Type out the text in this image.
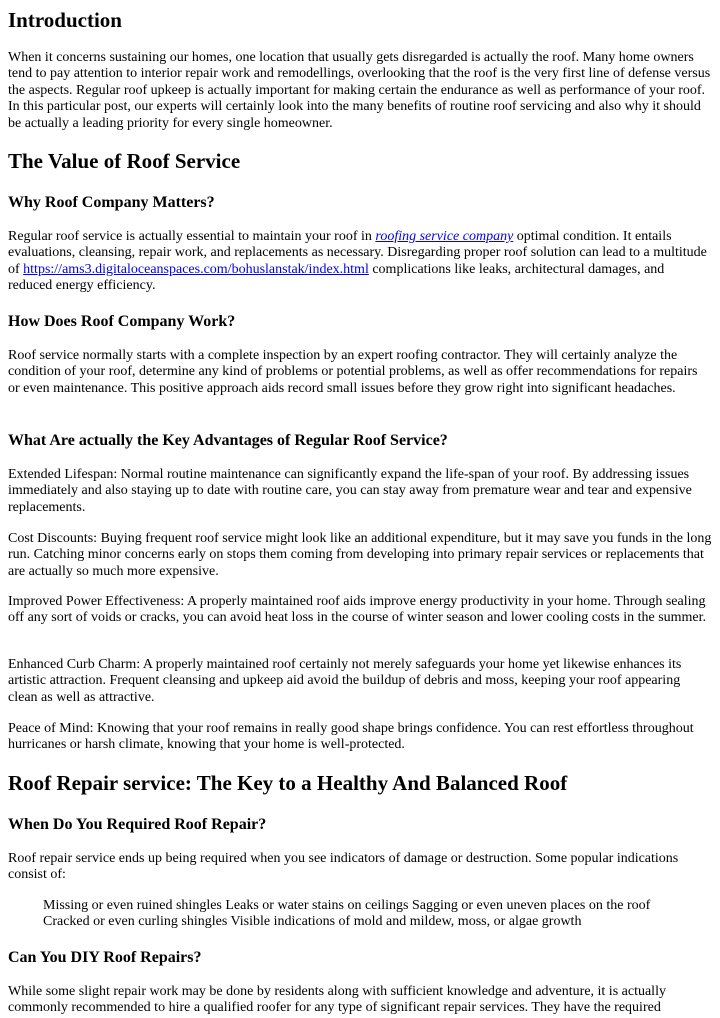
Introduction

When it concerns sustaining our homes, one location that usually gets disregarded is actually the roof. Many home owners tend to pay attention to interior repair work and remodellings, overlooking that the roof is the very first line of defense versus the aspects. Regular roof upkeep is actually important for making certain the endurance as well as performance of your roof. In this particular post, our experts will certainly look into the many benefits of routine roof servicing and also why it should be actually a leading priority for every single homeowner.

The Value of Roof Service
Why Roof Company Matters?

Regular roof service is actually essential to maintain your roof in roofing service company optimal condition. It entails evaluations, cleansing, repair work, and replacements as necessary. Disregarding proper roof solution can lead to a multitude of https://ams3.digitaloceanspaces.com/bohuslanstak/index.html complications like leaks, architectural damages, and reduced energy efficiency.

How Does Roof Company Work?

Roof service normally starts with a complete inspection by an expert roofing contractor. They will certainly analyze the condition of your roof, determine any kind of problems or potential problems, as well as offer recommendations for repairs or even maintenance. This positive approach aids record small issues before they grow right into significant headaches.

What Are actually the Key Advantages of Regular Roof Service?

Extended Lifespan: Normal routine maintenance can significantly expand the life-span of your roof. By addressing issues immediately and also staying up to date with routine care, you can stay away from premature wear and tear and expensive replacements.

Cost Discounts: Buying frequent roof service might look like an additional expenditure, but it may save you funds in the long run. Catching minor concerns early on stops them coming from developing into primary repair services or replacements that are actually so much more expensive.

Improved Power Effectiveness: A properly maintained roof aids improve energy productivity in your home. Through sealing off any sort of voids or cracks, you can avoid heat loss in the course of winter season and lower cooling costs in the summer.

Enhanced Curb Charm: A properly maintained roof certainly not merely safeguards your home yet likewise enhances its artistic attraction. Frequent cleansing and upkeep aid avoid the buildup of debris and moss, keeping your roof appearing clean as well as attractive.

Peace of Mind: Knowing that your roof remains in really good shape brings confidence. You can rest effortless throughout hurricanes or harsh climate, knowing that your home is well-protected.

Roof Repair service: The Key to a Healthy And Balanced Roof
When Do You Required Roof Repair?

Roof repair service ends up being required when you see indicators of damage or destruction. Some popular indications consist of:

Missing or even ruined shingles Leaks or water stains on ceilings Sagging or even uneven places on the roof Cracked or even curling shingles Visible indications of mold and mildew, moss, or algae growth
Can You DIY Roof Repairs?

While some slight repair work may be done by residents along with sufficient knowledge and adventure, it is actually commonly recommended to hire a qualified roofer for any type of significant repair services. They have the required
